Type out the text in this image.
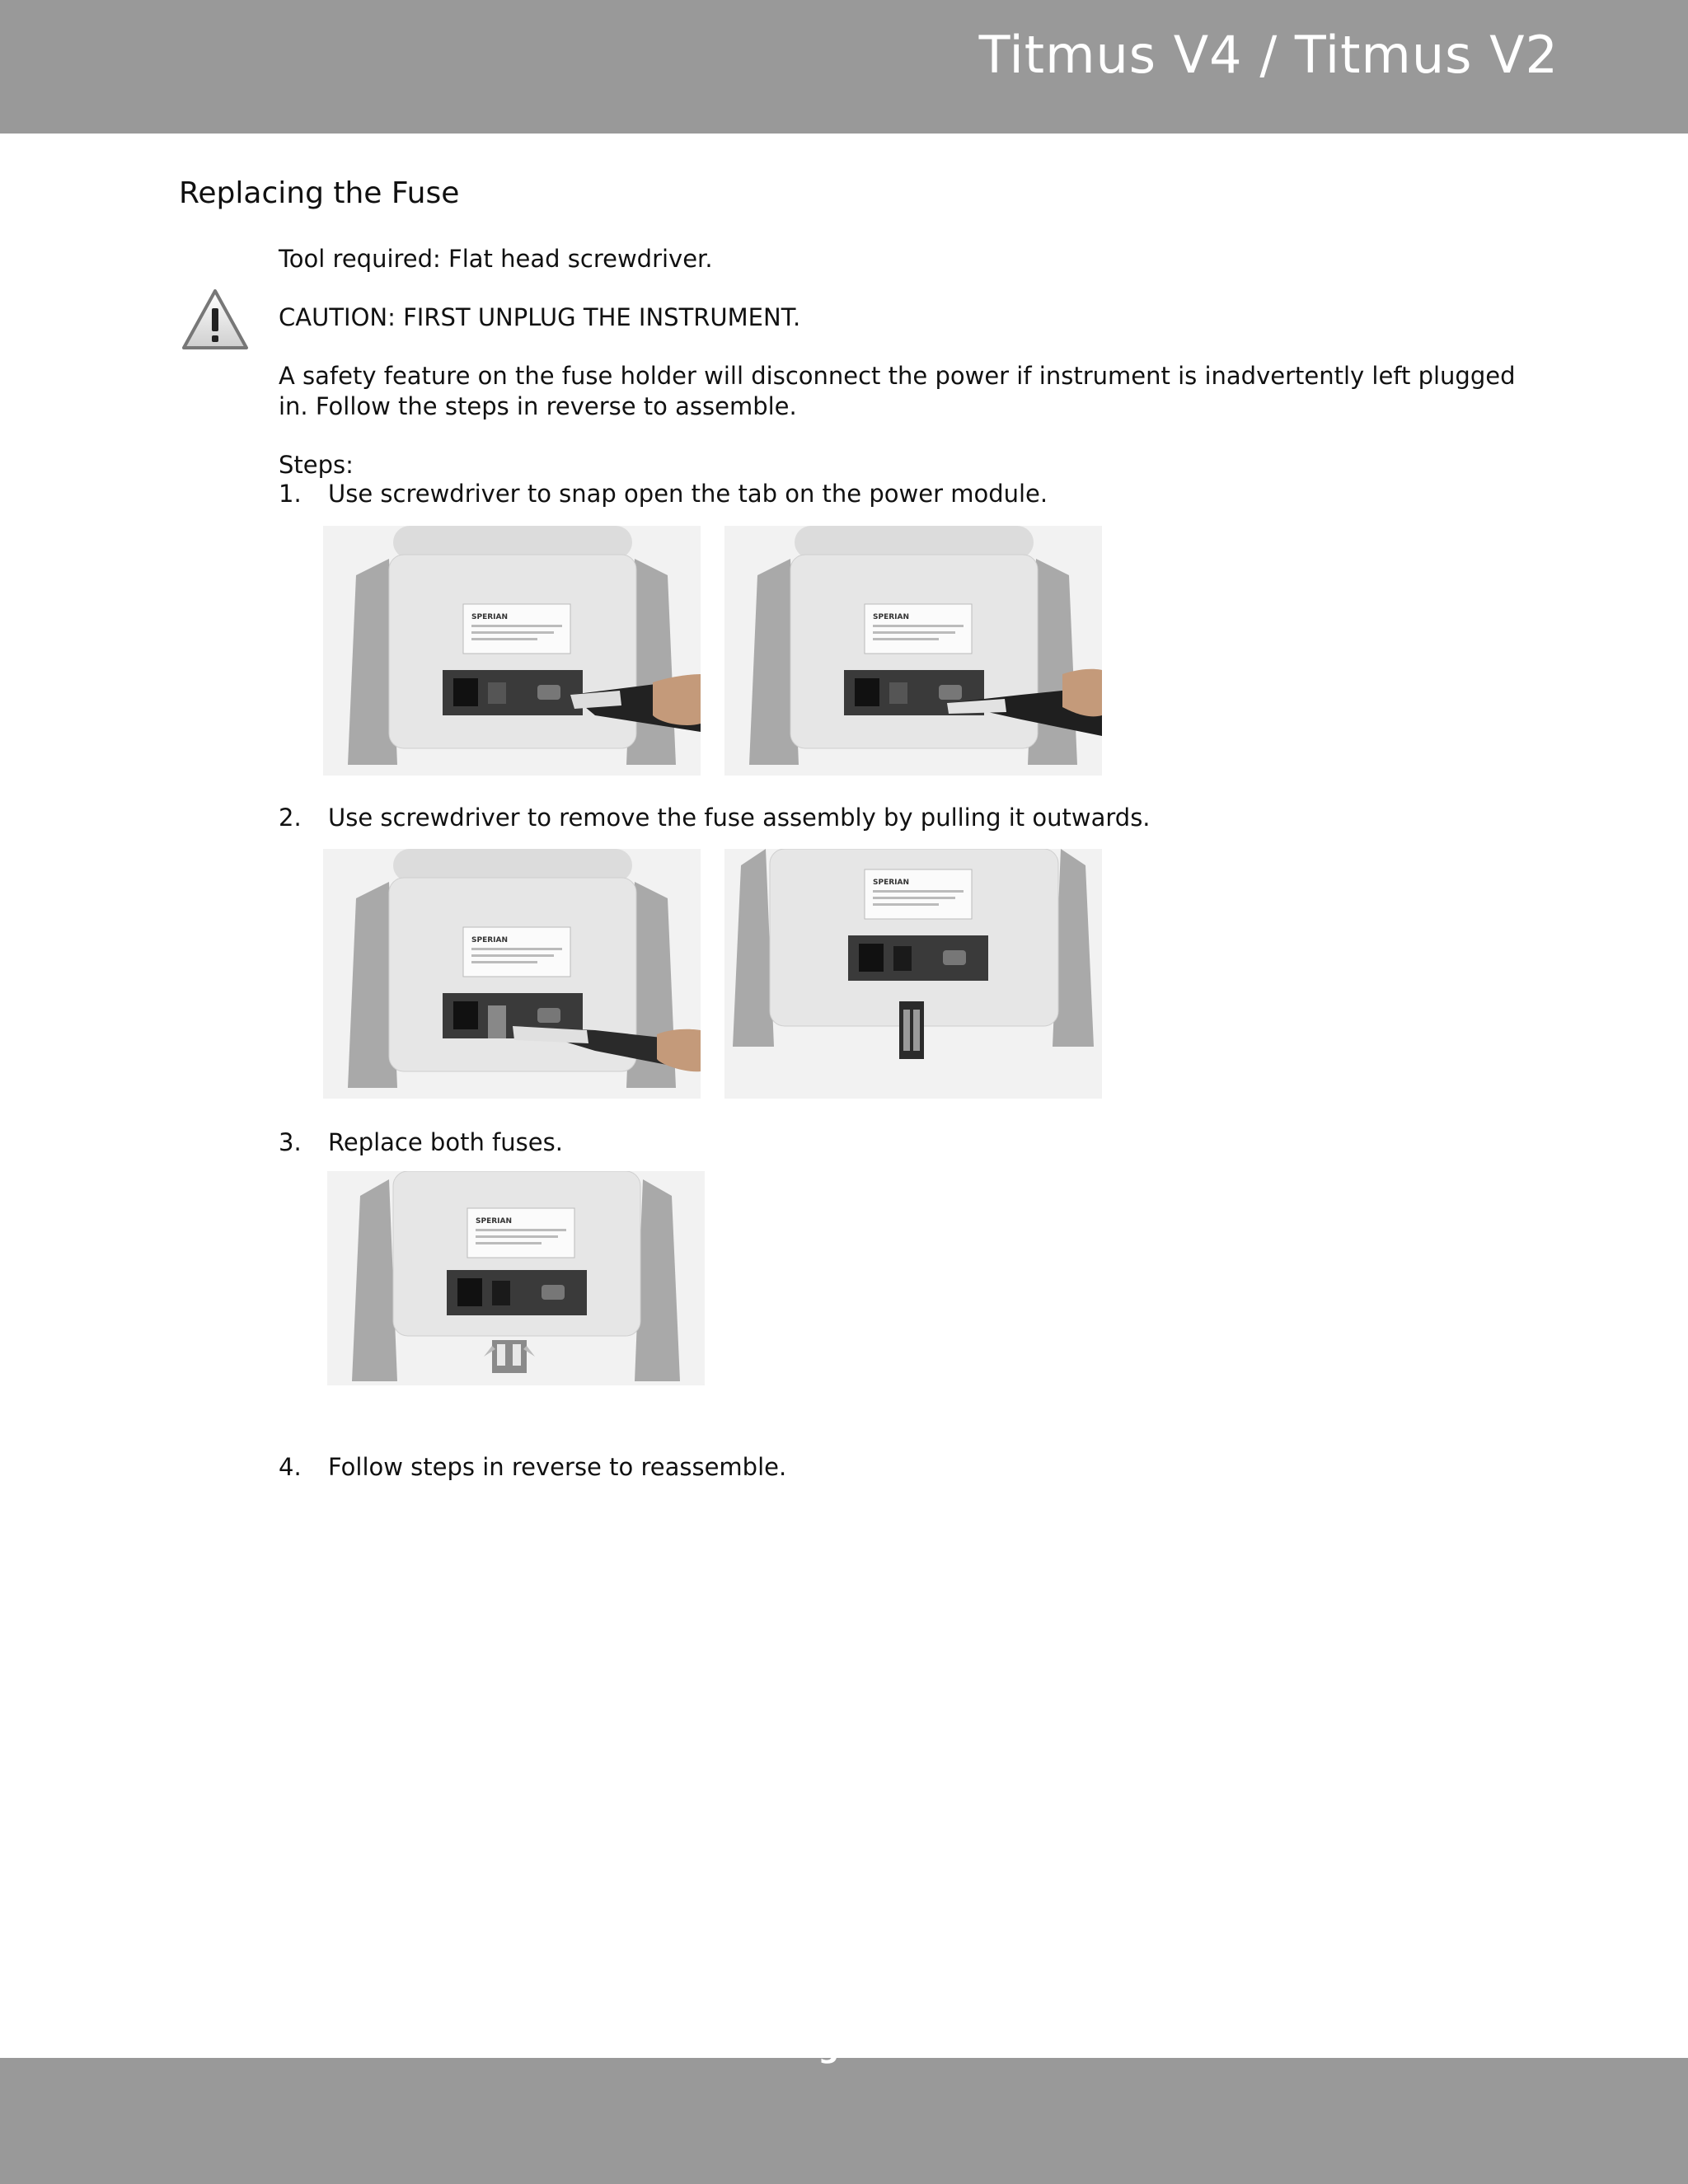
Titmus V4 / Titmus V2
Replacing the Fuse
Tool required: Flat head screwdriver.
CAUTION: FIRST UNPLUG THE INSTRUMENT.
A safety feature on the fuse holder will disconnect the power if instrument is inadvertently left plugged in. Follow the steps in reverse to assemble.
Steps:
1. Use screwdriver to snap open the tab on the power module.
2. Use screwdriver to remove the fuse assembly by pulling it outwards.
3. Replace both fuses.
4. Follow steps in reverse to reassemble.
SPERIAN	SPERIAN
SPERIAN
SPERIAN
SPERIAN
Page 20
